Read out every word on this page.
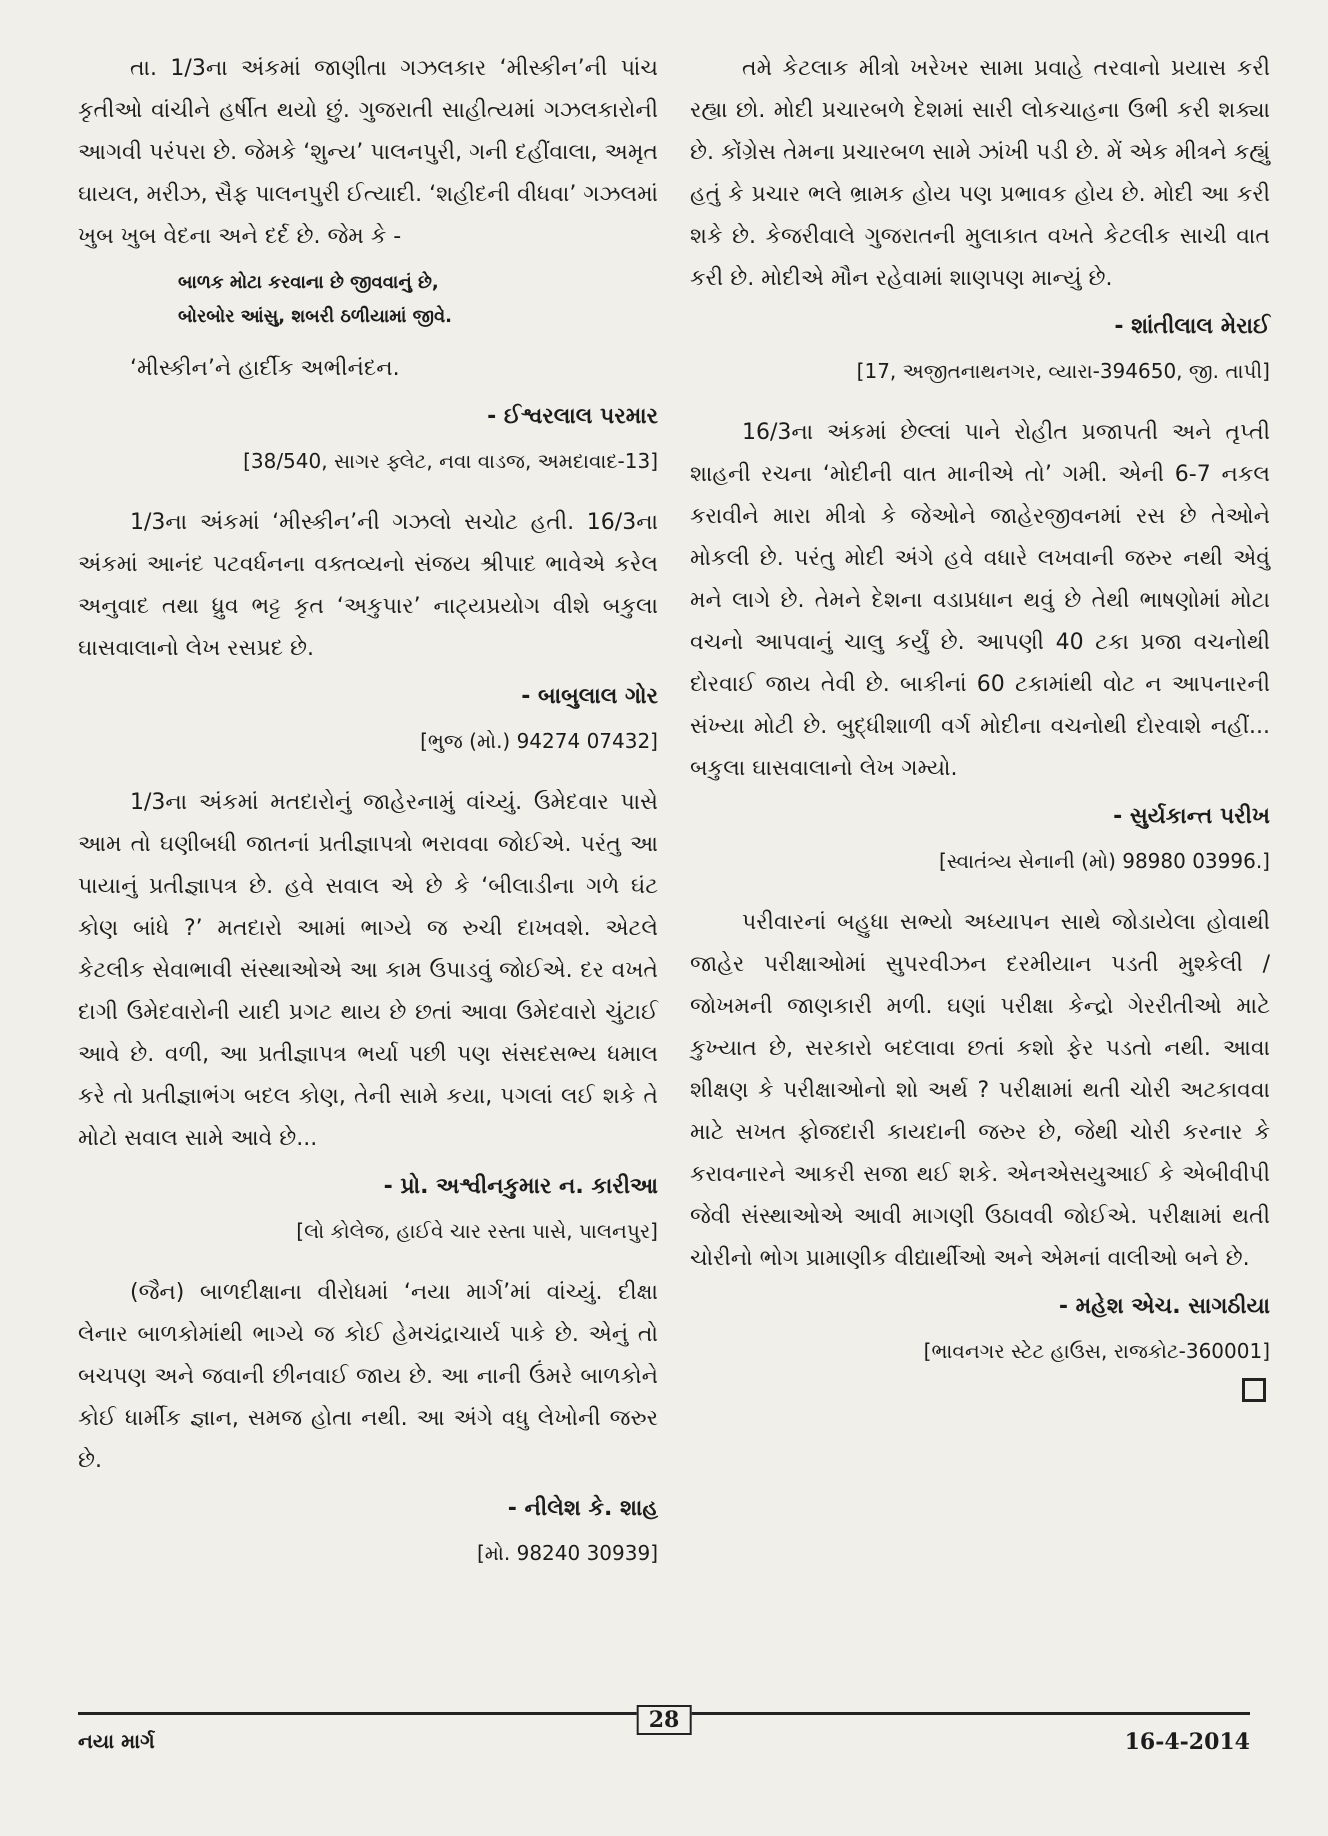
તા. 1/3ના અંકમાં જાણીતા ગઝલકાર ‘મીસ્કીન’ની પાંચ કૃતીઓ વાંચીને હર્ષીત થયો છું. ગુજરાતી સાહીત્યમાં ગઝલકારોની આગવી પરંપરા છે. જેમકે ‘શુન્ય’ પાલનપુરી, ગની દહીંવાલા, અમૃત ઘાયલ, મરીઝ, સૈફ પાલનપુરી ઈત્યાદી. ‘શહીદની વીધવા’ ગઝલમાં ખુબ ખુબ વેદના અને દર્દ છે. જેમ કે -

બાળક મોટા કરવાના છે જીવવાનું છે,
બોરબોર આંસુ, શબરી ઠળીયામાં જીવે.

‘મીસ્કીન’ને હાર્દીક અભીનંદન.

- ઈશ્વરલાલ પરમાર

[38/540, સાગર ફ્લેટ, નવા વાડજ, અમદાવાદ-13]

1/3ના અંકમાં ‘મીસ્કીન’ની ગઝલો સચોટ હતી. 16/3ના અંકમાં આનંદ પટવર્ધનના વક્તવ્યનો સંજય શ્રીપાદ ભાવેએ કરેલ અનુવાદ તથા ધ્રુવ ભટ્ટ કૃત ‘અકુપાર’ નાટ્યપ્રયોગ વીશે બકુલા ઘાસવાલાનો લેખ રસપ્રદ છે.

- બાબુલાલ ગોર

[ભુજ (મો.) 94274 07432]

1/3ના અંકમાં મતદારોનું જાહેરનામું વાંચ્યું. ઉમેદવાર પાસે આમ તો ઘણીબધી જાતનાં પ્રતીજ્ઞાપત્રો ભરાવવા જોઈએ. પરંતુ આ પાયાનું પ્રતીજ્ઞાપત્ર છે. હવે સવાલ એ છે કે ‘બીલાડીના ગળે ઘંટ કોણ બાંધે ?’ મતદારો આમાં ભાગ્યે જ રુચી દાખવશે. એટલે કેટલીક સેવાભાવી સંસ્થાઓએ આ કામ ઉપાડવું જોઈએ. દર વખતે દાગી ઉમેદવારોની યાદી પ્રગટ થાય છે છતાં આવા ઉમેદવારો ચુંટાઈ આવે છે. વળી, આ પ્રતીજ્ઞાપત્ર ભર્યા પછી પણ સંસદસભ્ય ધમાલ કરે તો પ્રતીજ્ઞાભંગ બદલ કોણ, તેની સામે કયા, પગલાં લઈ શકે તે મોટો સવાલ સામે આવે છે...

- પ્રો. અશ્વીનકુમાર ન. કારીઆ

[લો કોલેજ, હાઈવે ચાર રસ્તા પાસે, પાલનપુર]

(જૈન) બાળદીક્ષાના વીરોધમાં ‘નયા માર્ગ’માં વાંચ્યું. દીક્ષા લેનાર બાળકોમાંથી ભાગ્યે જ કોઈ હેમચંદ્રાચાર્ય પાકે છે. એનું તો બચપણ અને જવાની છીનવાઈ જાય છે. આ નાની ઉંમરે બાળકોને કોઈ ધાર્મીક જ્ઞાન, સમજ હોતા નથી. આ અંગે વધુ લેખોની જરુર છે.

- નીલેશ કે. શાહ

[મો. 98240 30939]

તમે કેટલાક મીત્રો ખરેખર સામા પ્રવાહે તરવાનો પ્રયાસ કરી રહ્યા છો. મોદી પ્રચારબળે દેશમાં સારી લોકચાહના ઉભી કરી શક્યા છે. કોંગ્રેસ તેમના પ્રચારબળ સામે ઝાંખી પડી છે. મેં એક મીત્રને કહ્યું હતું કે પ્રચાર ભલે ભ્રામક હોય પણ પ્રભાવક હોય છે. મોદી આ કરી શકે છે. કેજરીવાલે ગુજરાતની મુલાકાત વખતે કેટલીક સાચી વાત કરી છે. મોદીએ મૌન રહેવામાં શાણપણ માન્યું છે.

- શાંતીલાલ મેરાઈ

[17, અજીતનાથનગર, વ્યારા-394650, જી. તાપી]

16/3ના અંકમાં છેલ્લાં પાને રોહીત પ્રજાપતી અને તૃપ્તી શાહની રચના ‘મોદીની વાત માનીએ તો’ ગમી. એની 6-7 નકલ કરાવીને મારા મીત્રો કે જેઓને જાહેરજીવનમાં રસ છે તેઓને મોકલી છે. પરંતુ મોદી અંગે હવે વધારે લખવાની જરુર નથી એવું મને લાગે છે. તેમને દેશના વડાપ્રધાન થવું છે તેથી ભાષણોમાં મોટા વચનો આપવાનું ચાલુ કર્યું છે. આપણી 40 ટકા પ્રજા વચનોથી દોરવાઈ જાય તેવી છે. બાકીનાં 60 ટકામાંથી વોટ ન આપનારની સંખ્યા મોટી છે. બુદ્ધીશાળી વર્ગ મોદીના વચનોથી દોરવાશે નહીં... બકુલા ઘાસવાલાનો લેખ ગમ્યો.

- સુર્યકાન્ત પરીખ

[સ્વાતંત્ર્ય સેનાની (મો) 98980 03996.]

પરીવારનાં બહુધા સભ્યો અધ્યાપન સાથે જોડાયેલા હોવાથી જાહેર પરીક્ષાઓમાં સુપરવીઝન દરમીયાન પડતી મુશ્કેલી / જોખમની જાણકારી મળી. ઘણાં પરીક્ષા કેન્દ્રો ગેરરીતીઓ માટે કુખ્યાત છે, સરકારો બદલાવા છતાં કશો ફેર પડતો નથી. આવા શીક્ષણ કે પરીક્ષાઓનો શો અર્થ ? પરીક્ષામાં થતી ચોરી અટકાવવા માટે સખત ફોજદારી કાયદાની જરુર છે, જેથી ચોરી કરનાર કે કરાવનારને આકરી સજા થઈ શકે. એનએસયુઆઈ કે એબીવીપી જેવી સંસ્થાઓએ આવી માગણી ઉઠાવવી જોઈએ. પરીક્ષામાં થતી ચોરીનો ભોગ પ્રામાણીક વીદ્યાર્થીઓ અને એમનાં વાલીઓ બને છે.

- મહેશ એચ. સાગઠીયા

[ભાવનગર સ્ટેટ હાઉસ, રાજકોટ-360001]

નયા માર્ગ
28
16-4-2014
